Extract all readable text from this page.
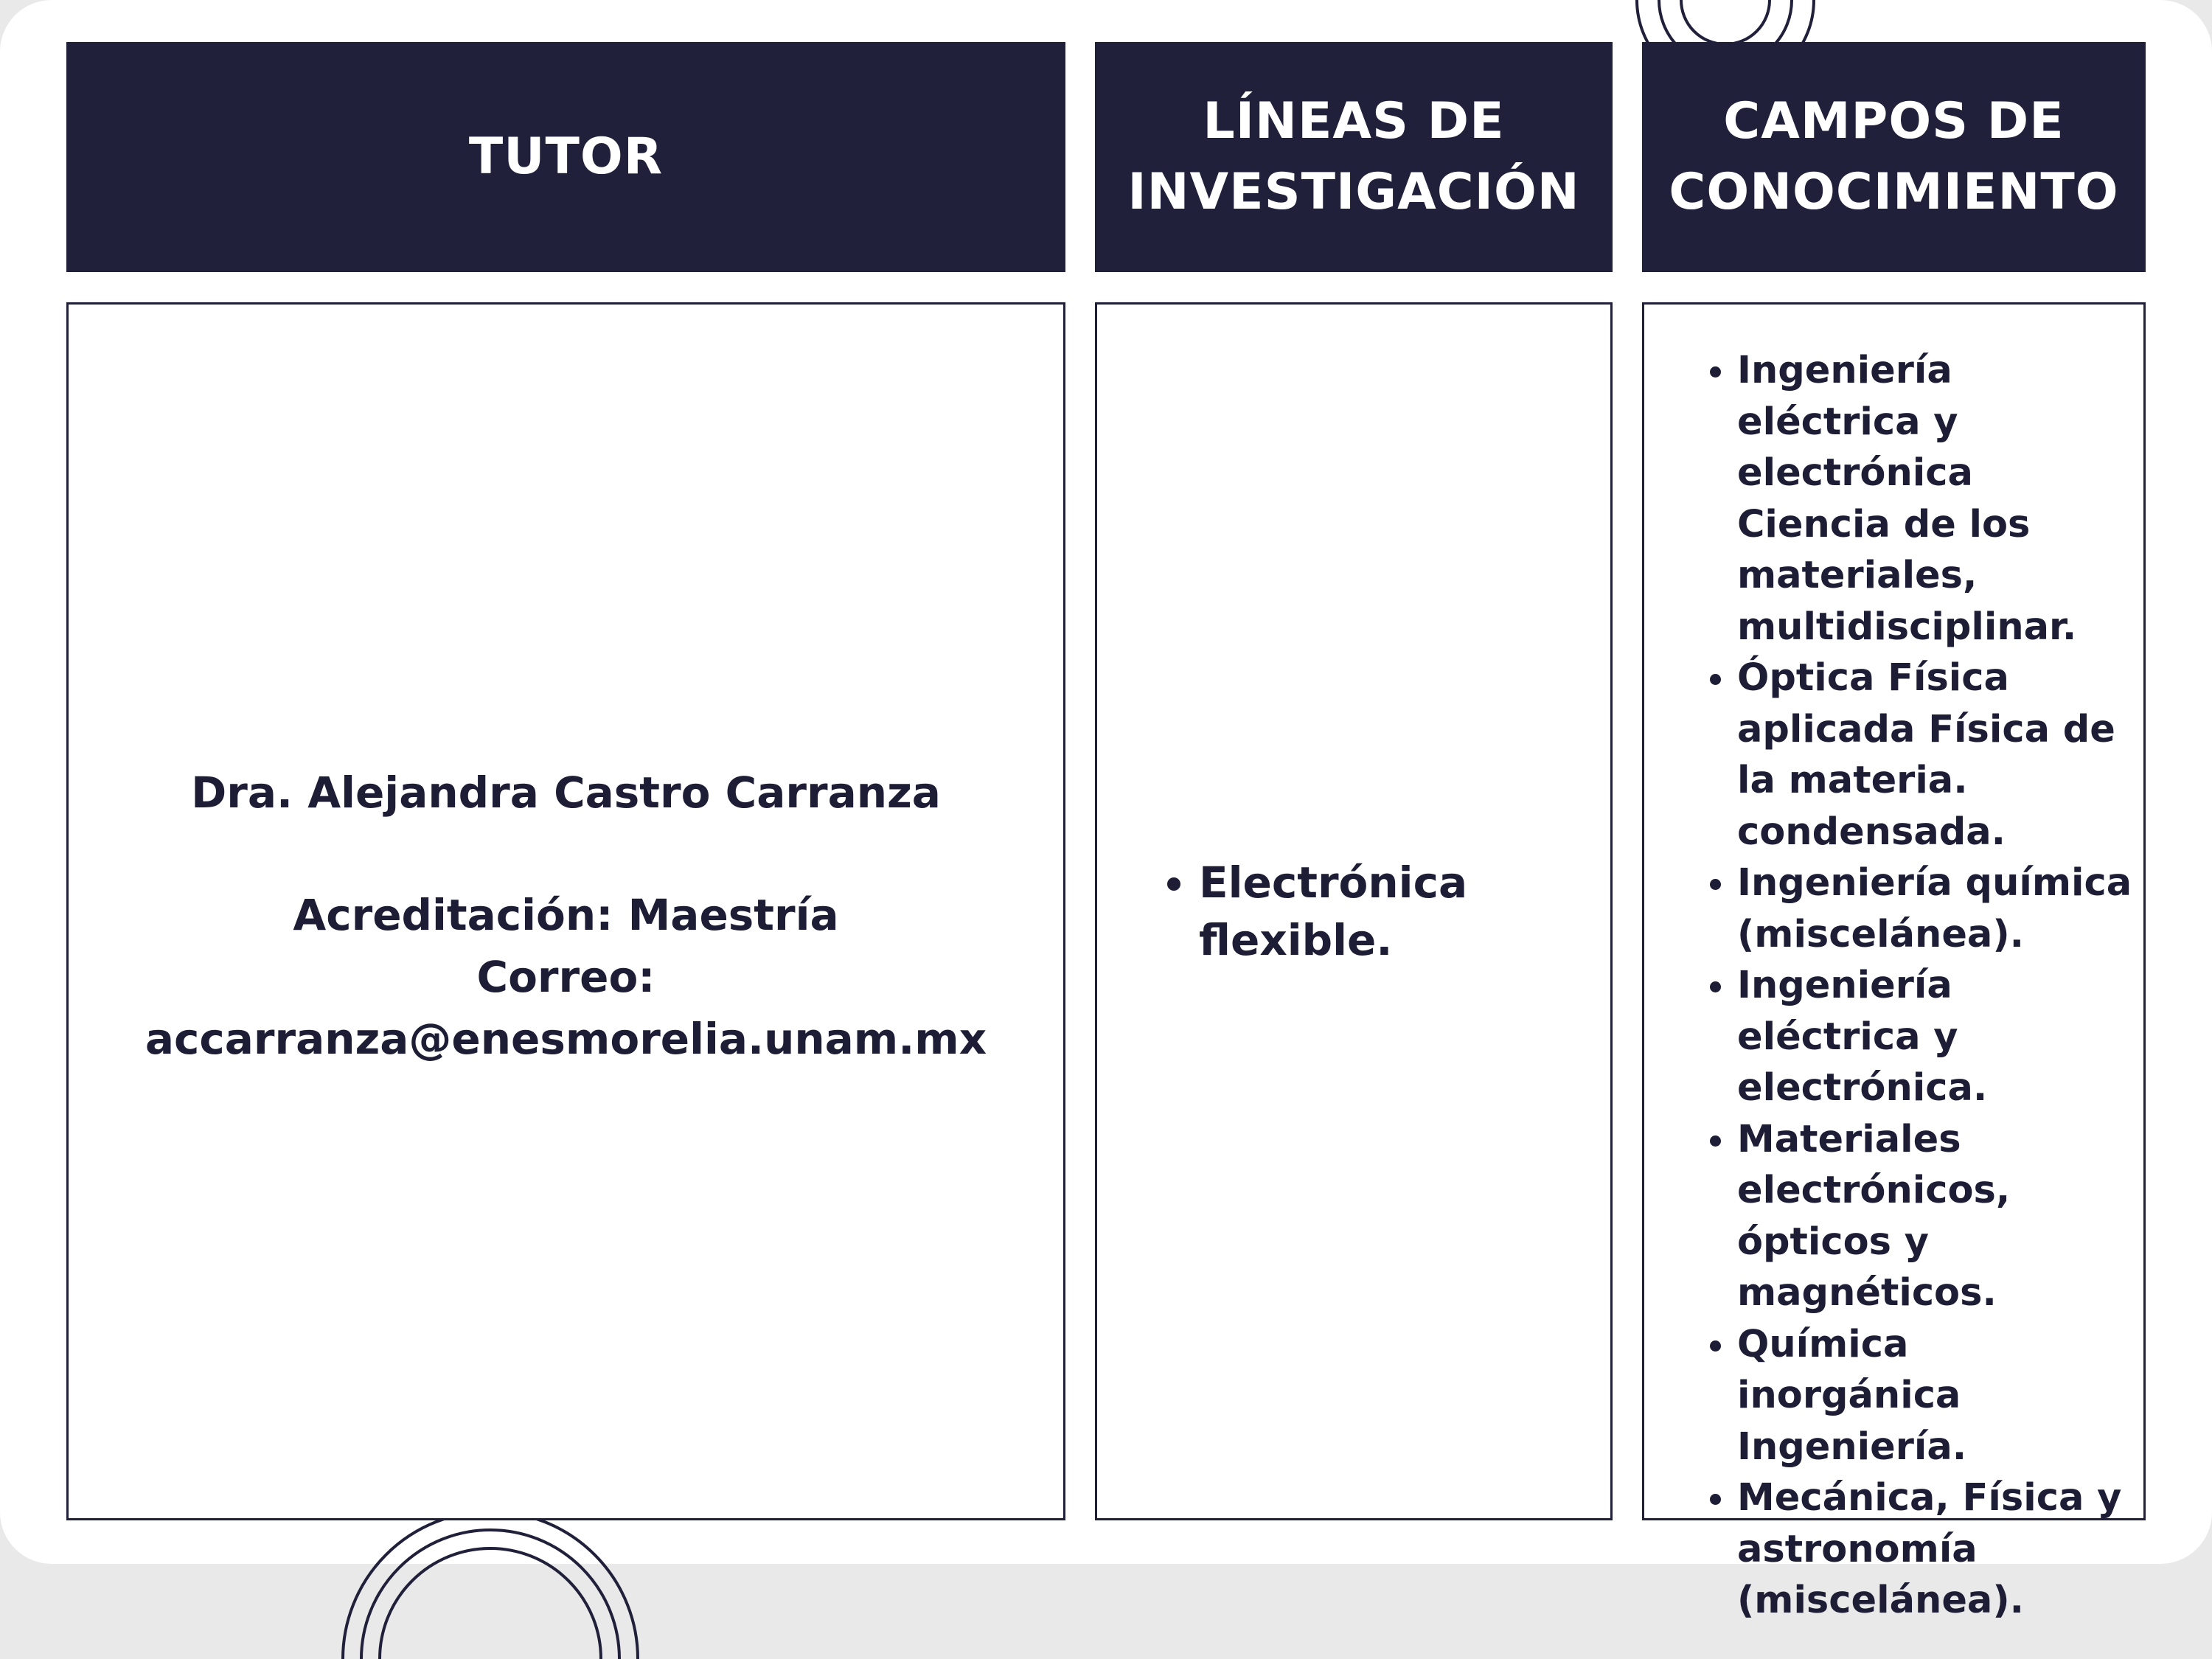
TUTOR
LÍNEAS DE
INVESTIGACIÓN
CAMPOS DE
CONOCIMIENTO
Dra. Alejandra Castro Carranza
Acreditación: Maestría
Correo:
accarranza@enesmorelia.unam.mx
• Electrónica flexible.
• Ingeniería eléctrica y electrónica Ciencia de los materiales, multidisciplinar.
• Óptica Física aplicada Física de la materia. condensada.
• Ingeniería química (miscelánea).
• Ingeniería eléctrica y electrónica.
• Materiales electrónicos, ópticos y magnéticos.
• Química inorgánica Ingeniería.
• Mecánica, Física y astronomía (miscelánea).
